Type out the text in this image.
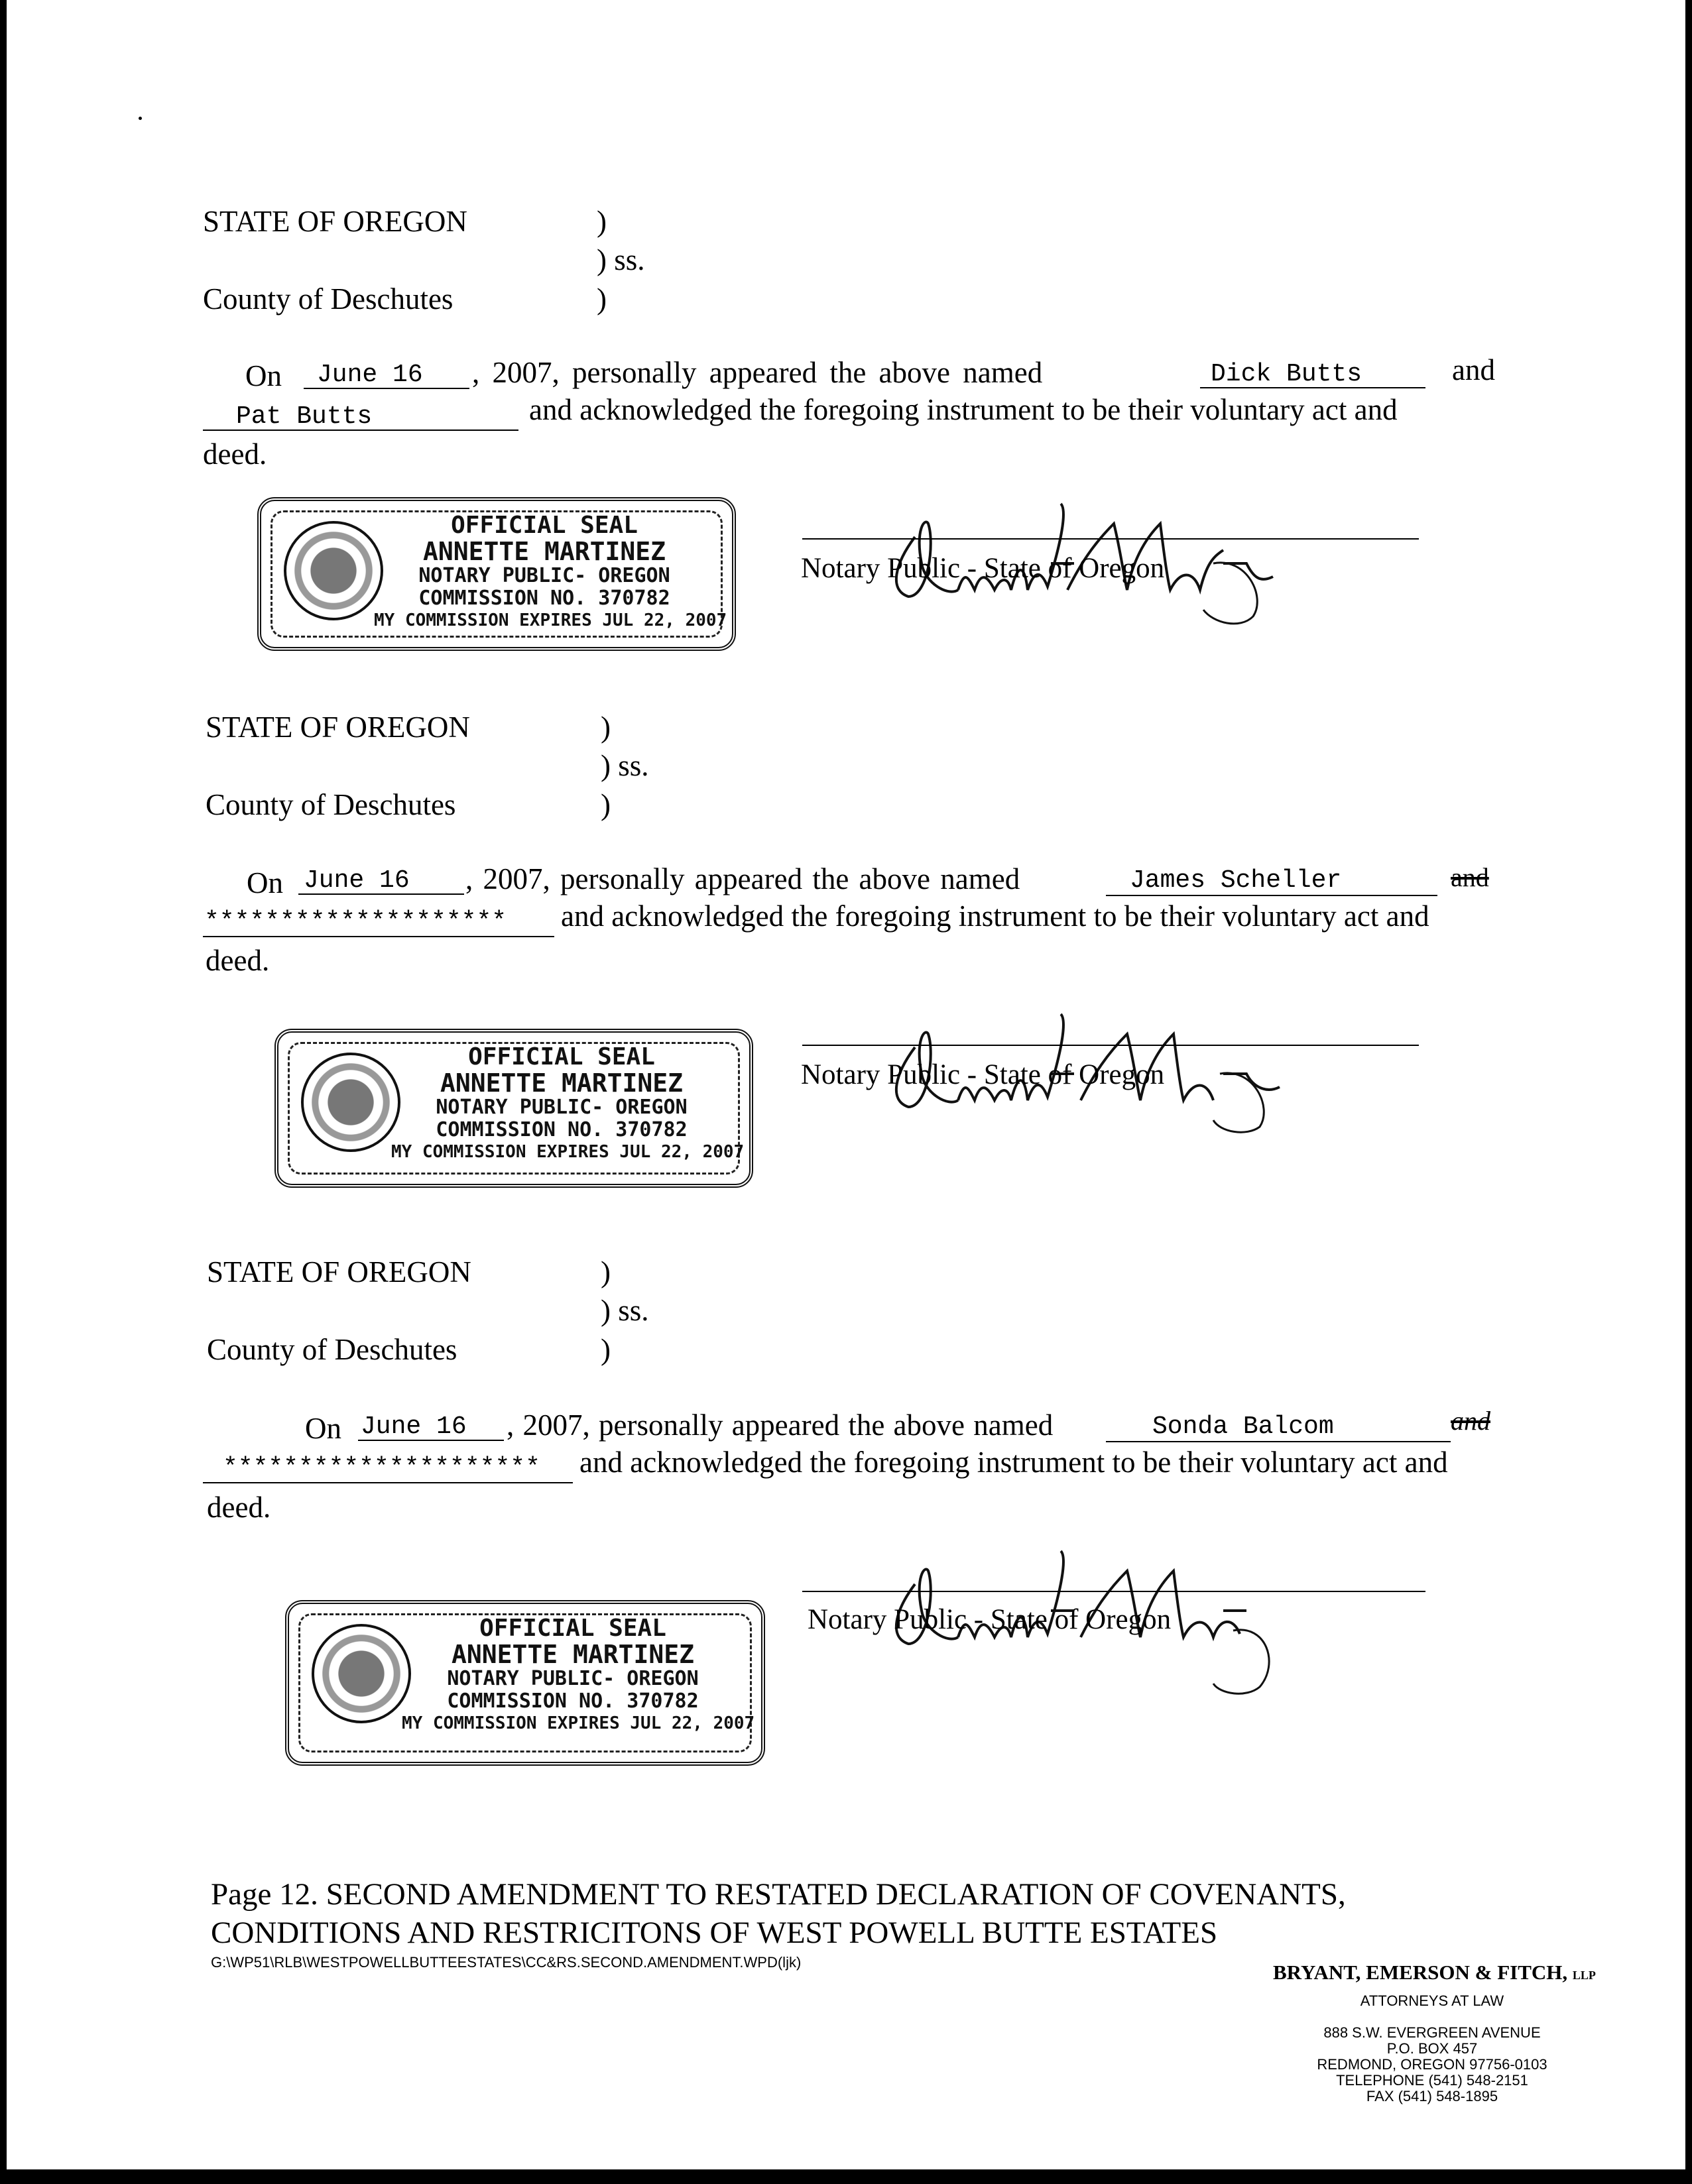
STATE OF OREGON	)
) ss.
County of Deschutes	)
On June 16 , 2007, personally appeared the above named	Dick Butts	and
Pat Butts	and acknowledged the foregoing instrument to be their voluntary act and
deed.
OFFICIAL SEAL
ANNETTE MARTINEZ
NOTARY PUBLIC- OREGON
COMMISSION NO. 370782
MY COMMISSION EXPIRES JUL 22, 2007
Notary Public - State of Oregon
STATE OF OREGON	)
) ss.
County of Deschutes	)
On June 16 , 2007, personally appeared the above named	James Scheller	and
******************** and acknowledged the foregoing instrument to be their voluntary act and
deed.
OFFICIAL SEAL
ANNETTE MARTINEZ
NOTARY PUBLIC- OREGON
COMMISSION NO. 370782
MY COMMISSION EXPIRES JUL 22, 2007
Notary Public - State of Oregon
STATE OF OREGON	)
) ss.
County of Deschutes	)
On June 16 , 2007, personally appeared the above named	Sonda Balcom	and
********************* and acknowledged the foregoing instrument to be their voluntary act and
deed.
OFFICIAL SEAL
ANNETTE MARTINEZ
NOTARY PUBLIC- OREGON
COMMISSION NO. 370782
MY COMMISSION EXPIRES JUL 22, 2007
Notary Public - State of Oregon
Page 12. SECOND AMENDMENT TO RESTATED DECLARATION OF COVENANTS,
CONDITIONS AND RESTRICITONS OF WEST POWELL BUTTE ESTATES
G:\WP51\RLB\WESTPOWELLBUTTEESTATES\CC&RS.SECOND.AMENDMENT.WPD(ljk)	BRYANT, EMERSON & FITCH, LLP
ATTORNEYS AT LAW
888 S.W. EVERGREEN AVENUE
P.O. BOX 457
REDMOND, OREGON 97756-0103
TELEPHONE (541) 548-2151
FAX (541) 548-1895
